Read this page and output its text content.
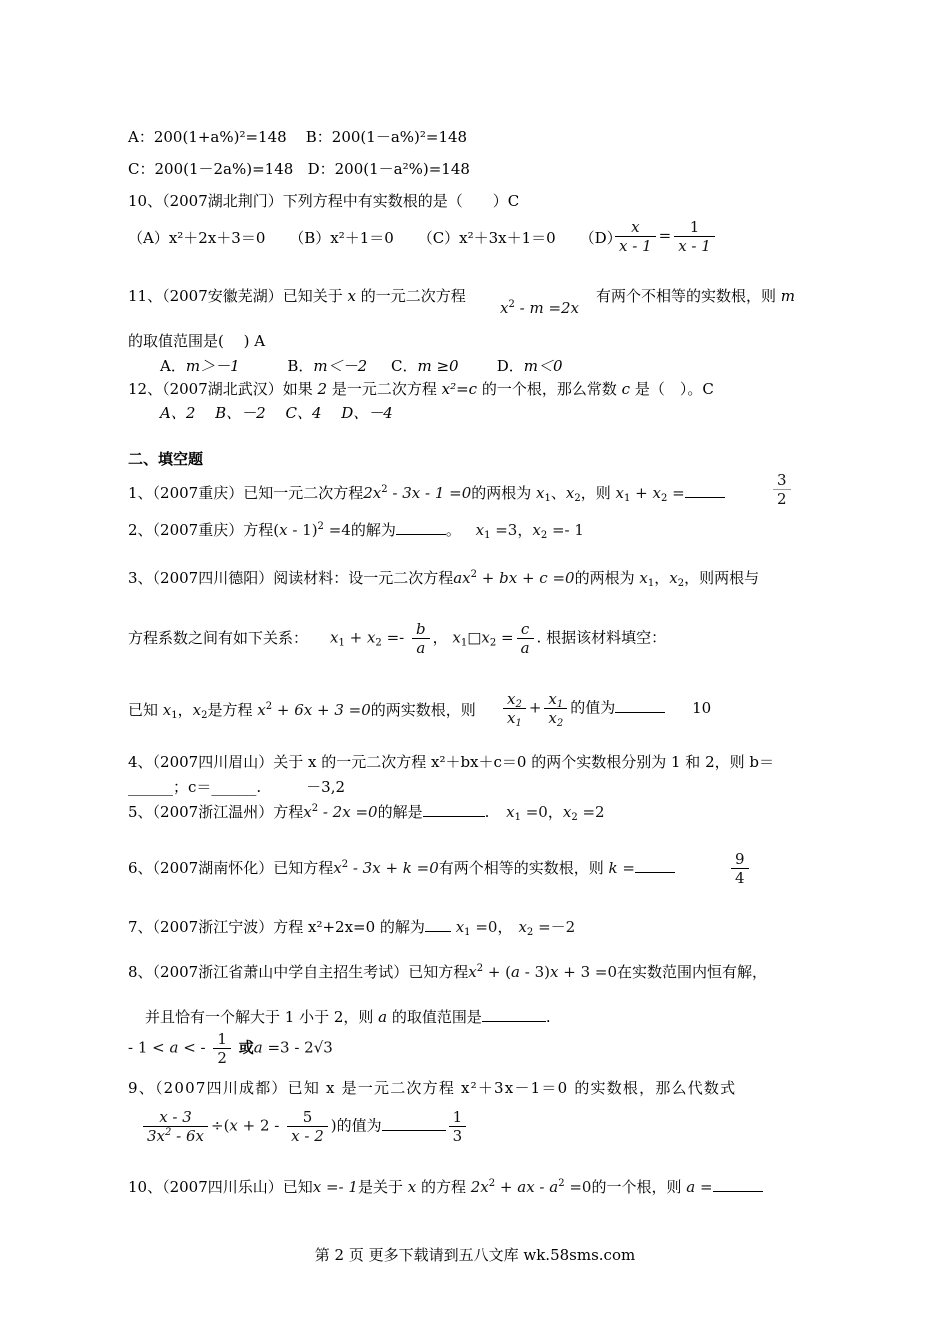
A：200(1+a%)²=148 B：200(1－a%)²=148
C：200(1－2a%)=148 D：200(1－a²%)=148
10、（2007湖北荆门）下列方程中有实数根的是（　　）C
（A）x²＋2x＋3＝0 （B）x²＋1＝0 （C）x²＋3x＋1＝0 （D）
$\frac{x}{x - 1} = \frac{1}{x - 1}$
11、（2007安徽芜湖）已知关于 x 的一元二次方程
$x^2 - m =2x$
有两个不相等的实数根，则 m
的取值范围是(　 ) A
A．m＞－1	B．m＜－2 C．m ≥0	D．m＜0
12、（2007湖北武汉）如果 2 是一元二次方程 x²=c 的一个根，那么常数 c 是（　）。C
A、2　 B、－2　 C、4　 D、－4
二、填空题
1、（2007重庆）已知一元二次方程$2x^2 - 3x - 1 =0$的两根为 $x_1$、$x_2$，则 $x_1 + x_2$ =	$\frac{3}{2}$
2、（2007重庆）方程(x - 1)$^2$ =4的解为	。 $x_1 =3$，$x_2 =- 1$
3、（2007四川德阳）阅读材料：设一元二次方程$ax^2$ + bx + c =0的两根为 $x_1$，$x_2$，则两根与
方程系数之间有如下关系： $x_1 + x_2 =- \frac{b}{a}$ ， $x_1□x_2 = \frac{c}{a}$ . 根据该材料填空：
已知 $x_1$，$x_2$是方程 $x^2 + 6x + 3 =0$的两实数根，则 $\frac{x_2}{x_1} + \frac{x_1}{x_2}$ 的值为	10
4、（2007四川眉山）关于 x 的一元二次方程 x²＋bx＋c＝0 的两个实数根分别为 1 和 2，则 b＝
______；c＝______.　　　－3,2
5、（2007浙江温州）方程$x^2 - 2x =0$的解是	. $x_1 =0$，$x_2 =2$
6、（2007湖南怀化）已知方程$x^2 - 3x + k =0$有两个相等的实数根，则 k =	$\frac{9}{4}$
7、（2007浙江宁波）方程 x²+2x=0 的解为 $x_1 =0$， $x_2 =-2$
8、（2007浙江省萧山中学自主招生考试）已知方程$x^2 + (a - 3)x + 3 =0$在实数范围内恒有解，
并且恰有一个解大于 1 小于 2，则 a 的取值范围是	.
- 1 < a < - $\frac{1}{2}$ 或a =3 - 2√3
9、（2007四川成都）已知 x 是一元二次方程 x²＋3x－1＝0 的实数根，那么代数式
$\frac{x - 3}{3x^2 - 6x} \div(x + 2 - \frac{5}{x - 2}$ )的值为	$\frac{1}{3}$
10、（2007四川乐山）已知x =- 1是关于 x 的方程 $2x^2$ + ax - $a^2 =0$的一个根，则 a =
第 2 页 更多下载请到五八文库 wk.58sms.com
